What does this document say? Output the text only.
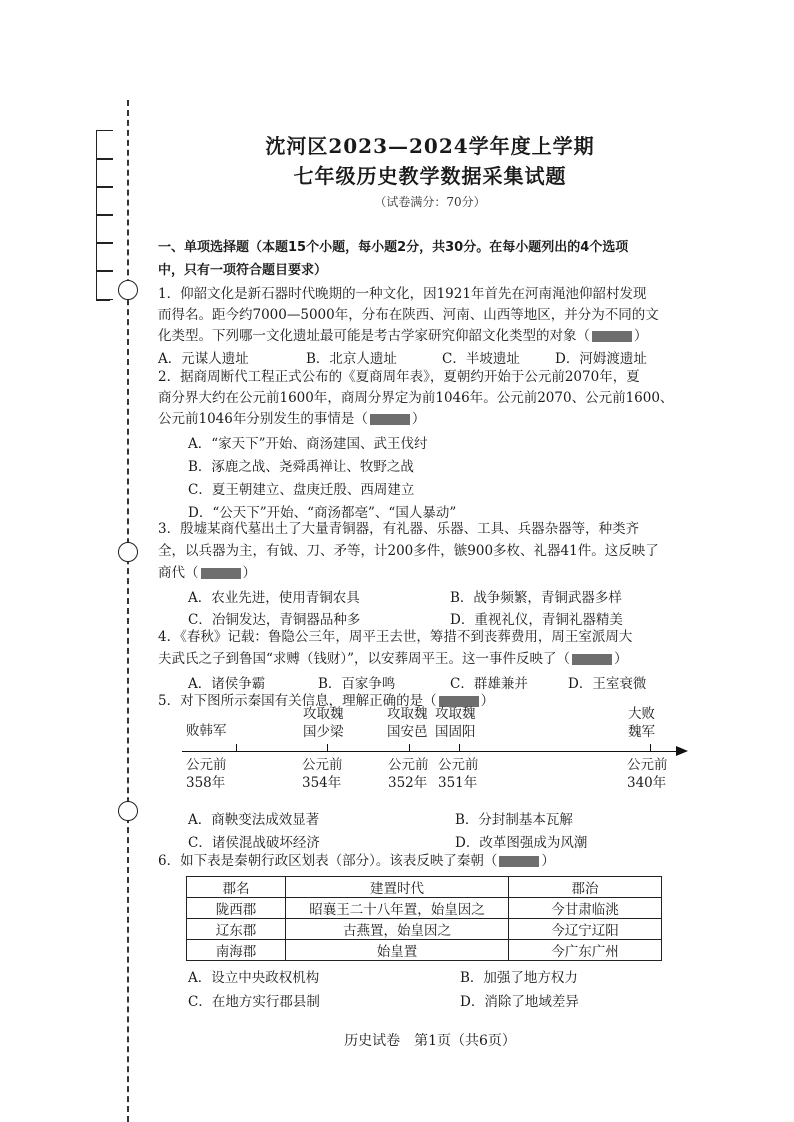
沈河区2023—2024学年度上学期
七年级历史教学数据采集试题
（试卷满分：70分）
一、单项选择题（本题15个小题，每小题2分，共30分。在每小题列出的4个选项
中，只有一项符合题目要求）
1．仰韶文化是新石器时代晚期的一种文化，因1921年首先在河南渑池仰韶村发现
而得名。距今约7000—5000年，分布在陕西、河南、山西等地区，并分为不同的文
化类型。下列哪一文化遗址最可能是考古学家研究仰韶文化类型的对象（	）
A．元谋人遗址	B．北京人遗址	C．半坡遗址	D．河姆渡遗址
2．据商周断代工程正式公布的《夏商周年表》，夏朝约开始于公元前2070年，夏
商分界大约在公元前1600年，商周分界定为前1046年。公元前2070、公元前1600、
公元前1046年分别发生的事情是（	）
A．“家天下”开始、商汤建国、武王伐纣
B．涿鹿之战、尧舜禹禅让、牧野之战
C．夏王朝建立、盘庚迁殷、西周建立
D．“公天下”开始、“商汤都亳”、“国人暴动”
3．殷墟某商代墓出土了大量青铜器，有礼器、乐器、工具、兵器杂器等，种类齐
全，以兵器为主，有钺、刀、矛等，计200多件，镞900多枚、礼器41件。这反映了
商代（	）
A．农业先进，使用青铜农具	B．战争频繁，青铜武器多样
C．冶铜发达，青铜器品种多	D．重视礼仪，青铜礼器精美
4．《春秋》记载：鲁隐公三年，周平王去世，筹措不到丧葬费用，周王室派周大
夫武氏之子到鲁国“求赙（钱财）”，以安葬周平王。这一事件反映了（	）
A．诸侯争霸	B．百家争鸣	C．群雄兼并	D．王室衰微
5．对下图所示秦国有关信息，理解正确的是（	）
败韩军
攻取魏
国少梁
攻取魏
国安邑
攻取魏
国固阳
大败
魏军
公元前
358年
公元前
354年
公元前
352年
公元前
351年
公元前
340年
A．商鞅变法成效显著	B．分封制基本瓦解
C．诸侯混战破坏经济	D．改革图强成为风潮
6．如下表是秦朝行政区划表（部分）。该表反映了秦朝（	）
郡名	建置时代	郡治
陇西郡	昭襄王二十八年置，始皇因之	今甘肃临洮
辽东郡	古燕置，始皇因之	今辽宁辽阳
南海郡	始皇置	今广东广州
A．设立中央政权机构	B．加强了地方权力
C．在地方实行郡县制	D．消除了地域差异
历史试卷　第1页（共6页）
